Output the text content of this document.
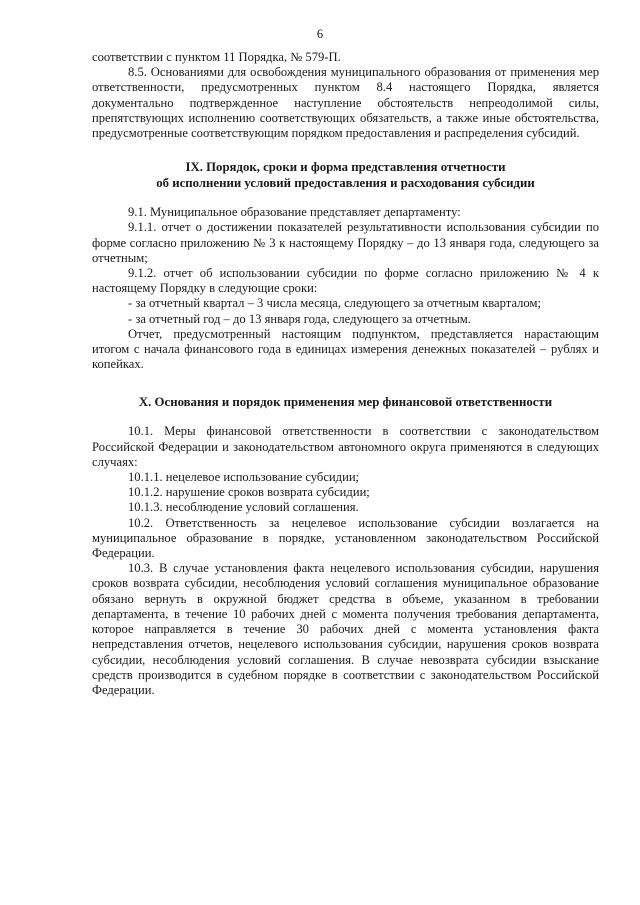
6

соответствии с пунктом 11 Порядка, № 579-П.

8.5. Основаниями для освобождения муниципального образования от применения мер ответственности, предусмотренных пунктом 8.4 настоящего Порядка, является документально подтвержденное наступление обстоятельств непреодолимой силы, препятствующих исполнению соответствующих обязательств, а также иные обстоятельства, предусмотренные соответствующим порядком предоставления и распределения субсидий.

IX. Порядок, сроки и форма представления отчетности

об исполнении условий предоставления и расходования субсидии

9.1. Муниципальное образование представляет департаменту:

9.1.1. отчет о достижении показателей результативности использования субсидии по форме согласно приложению № 3 к настоящему Порядку – до 13 января года, следующего за отчетным;

9.1.2. отчет об использовании субсидии по форме согласно приложению № 4 к настоящему Порядку в следующие сроки:

- за отчетный квартал – 3 числа месяца, следующего за отчетным кварталом;

- за отчетный год – до 13 января года, следующего за отчетным.

Отчет, предусмотренный настоящим подпунктом, представляется нарастающим итогом с начала финансового года в единицах измерения денежных показателей – рублях и копейках.

X. Основания и порядок применения мер финансовой ответственности

10.1. Меры финансовой ответственности в соответствии с законодательством Российской Федерации и законодательством автономного округа применяются в следующих случаях:

10.1.1. нецелевое использование субсидии;

10.1.2. нарушение сроков возврата субсидии;

10.1.3. несоблюдение условий соглашения.

10.2. Ответственность за нецелевое использование субсидии возлагается на муниципальное образование в порядке, установленном законодательством Российской Федерации.

10.3. В случае установления факта нецелевого использования субсидии, нарушения сроков возврата субсидии, несоблюдения условий соглашения муниципальное образование обязано вернуть в окружной бюджет средства в объеме, указанном в требовании департамента, в течение 10 рабочих дней с момента получения требования департамента, которое направляется в течение 30 рабочих дней с момента установления факта непредставления отчетов, нецелевого использования субсидии, нарушения сроков возврата субсидии, несоблюдения условий соглашения. В случае невозврата субсидии взыскание средств производится в судебном порядке в соответствии с законодательством Российской Федерации.
